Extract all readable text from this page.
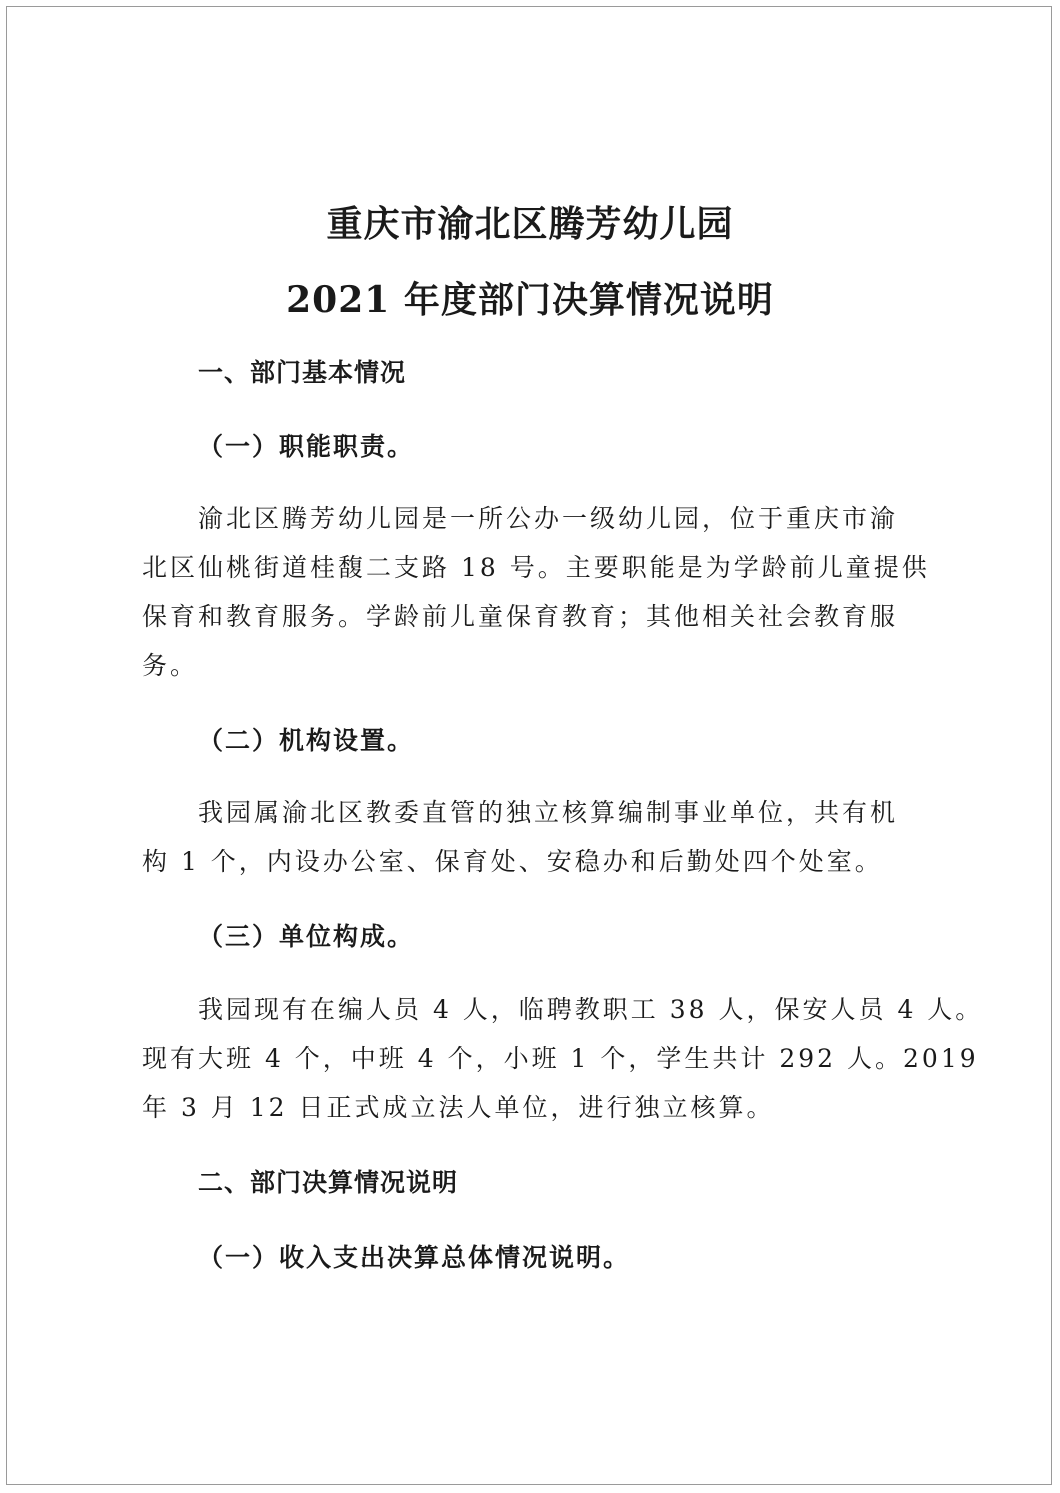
重庆市渝北区腾芳幼儿园
2021 年度部门决算情况说明
一、部门基本情况
（一）职能职责。

渝北区腾芳幼儿园是一所公办一级幼儿园，位于重庆市渝
北区仙桃街道桂馥二支路 18 号。主要职能是为学龄前儿童提供
保育和教育服务。学龄前儿童保育教育；其他相关社会教育服
务。

（二）机构设置。

我园属渝北区教委直管的独立核算编制事业单位，共有机
构 1 个，内设办公室、保育处、安稳办和后勤处四个处室。

（三）单位构成。

我园现有在编人员 4 人，临聘教职工 38 人，保安人员 4 人。
现有大班 4 个，中班 4 个，小班 1 个，学生共计 292 人。2019
年 3 月 12 日正式成立法人单位，进行独立核算。

二、部门决算情况说明
（一）收入支出决算总体情况说明。
